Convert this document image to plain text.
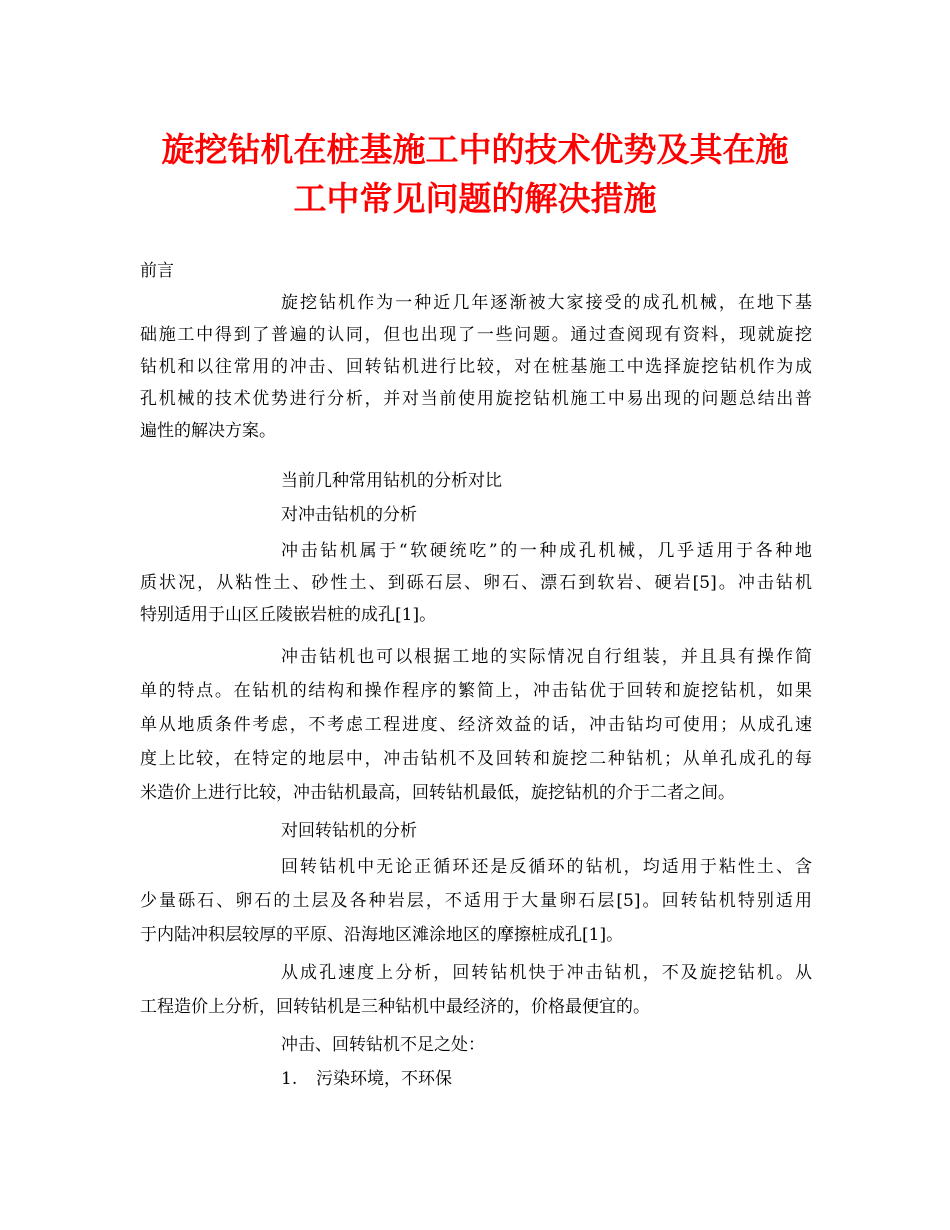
旋挖钻机在桩基施工中的技术优势及其在施
工中常见问题的解决措施

前言

旋挖钻机作为一种近几年逐渐被大家接受的成孔机械，在地下基

础施工中得到了普遍的认同，但也出现了一些问题。通过查阅现有资料，现就旋挖

钻机和以往常用的冲击、回转钻机进行比较，对在桩基施工中选择旋挖钻机作为成

孔机械的技术优势进行分析，并对当前使用旋挖钻机施工中易出现的问题总结出普

遍性的解决方案。

当前几种常用钻机的分析对比

对冲击钻机的分析

冲击钻机属于“软硬统吃”的一种成孔机械，几乎适用于各种地

质状况，从粘性土、砂性土、到砾石层、卵石、漂石到软岩、硬岩[5]。冲击钻机

特别适用于山区丘陵嵌岩桩的成孔[1]。

冲击钻机也可以根据工地的实际情况自行组装，并且具有操作简

单的特点。在钻机的结构和操作程序的繁简上，冲击钻优于回转和旋挖钻机，如果

单从地质条件考虑，不考虑工程进度、经济效益的话，冲击钻均可使用；从成孔速

度上比较，在特定的地层中，冲击钻机不及回转和旋挖二种钻机；从单孔成孔的每

米造价上进行比较，冲击钻机最高，回转钻机最低，旋挖钻机的介于二者之间。

对回转钻机的分析

回转钻机中无论正循环还是反循环的钻机，均适用于粘性土、含

少量砾石、卵石的土层及各种岩层，不适用于大量卵石层[5]。回转钻机特别适用

于内陆冲积层较厚的平原、沿海地区滩涂地区的摩擦桩成孔[1]。

从成孔速度上分析，回转钻机快于冲击钻机，不及旋挖钻机。从

工程造价上分析，回转钻机是三种钻机中最经济的，价格最便宜的。

冲击、回转钻机不足之处：

1. 污染环境，不环保
